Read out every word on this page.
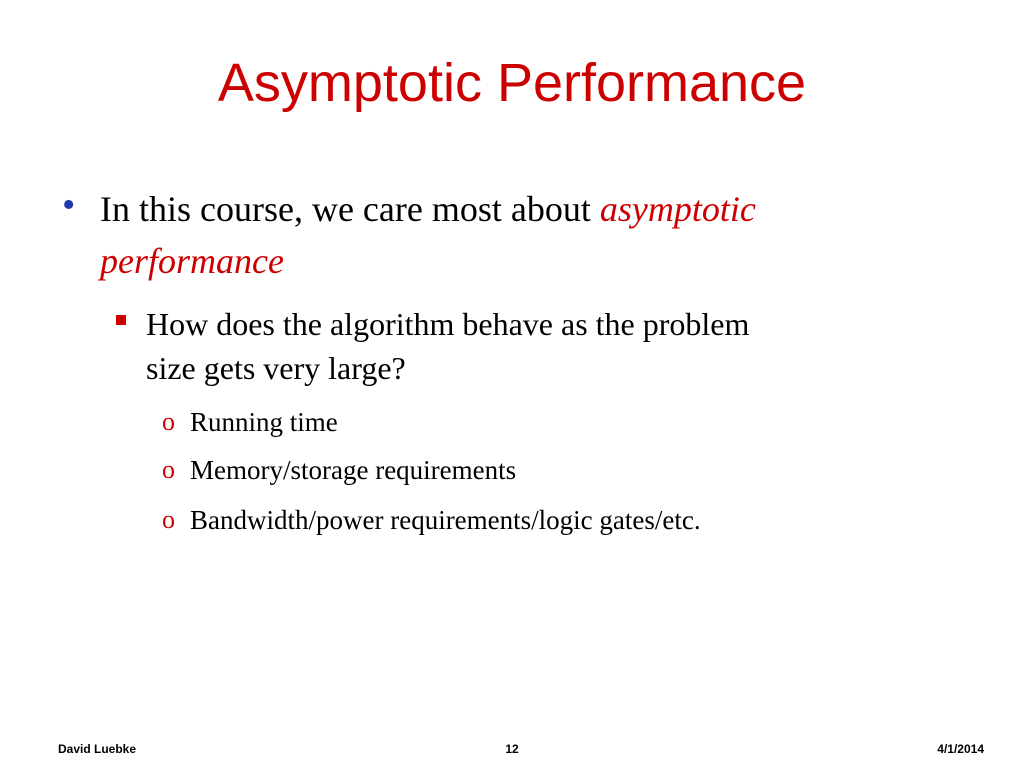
Asymptotic Performance
• In this course, we care most about asymptotic
performance
How does the algorithm behave as the problem
size gets very large?
o Running time
o Memory/storage requirements
o Bandwidth/power requirements/logic gates/etc.
David Luebke	12	4/1/2014
